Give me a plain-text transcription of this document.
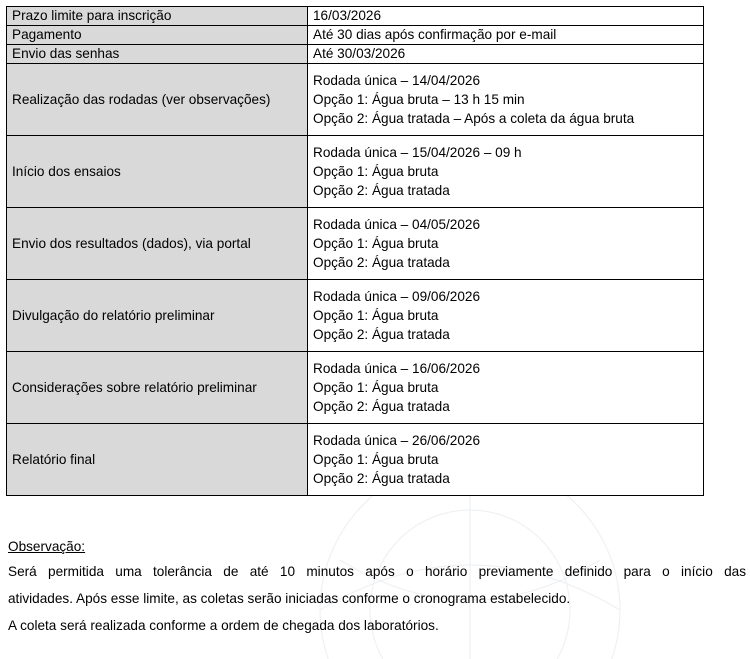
Prazo limite para inscrição	16/03/2026

Pagamento	Até 30 dias após confirmação por e-mail

Envio das senhas	Até 30/03/2026

Realização das rodadas (ver observações)	Rodada única – 14/04/2026
Opção 1: Água bruta – 13 h 15 min
Opção 2: Água tratada – Após a coleta da água bruta

Início dos ensaios	Rodada única – 15/04/2026 – 09 h
Opção 1: Água bruta
Opção 2: Água tratada

Envio dos resultados (dados), via portal	Rodada única – 04/05/2026
Opção 1: Água bruta
Opção 2: Água tratada

Divulgação do relatório preliminar	Rodada única – 09/06/2026
Opção 1: Água bruta
Opção 2: Água tratada

Considerações sobre relatório preliminar	Rodada única – 16/06/2026
Opção 1: Água bruta
Opção 2: Água tratada

Relatório final	Rodada única – 26/06/2026
Opção 1: Água bruta
Opção 2: Água tratada

Observação:

Será permitida uma tolerância de até 10 minutos após o horário previamente definido para o início das

atividades. Após esse limite, as coletas serão iniciadas conforme o cronograma estabelecido.

A coleta será realizada conforme a ordem de chegada dos laboratórios.
